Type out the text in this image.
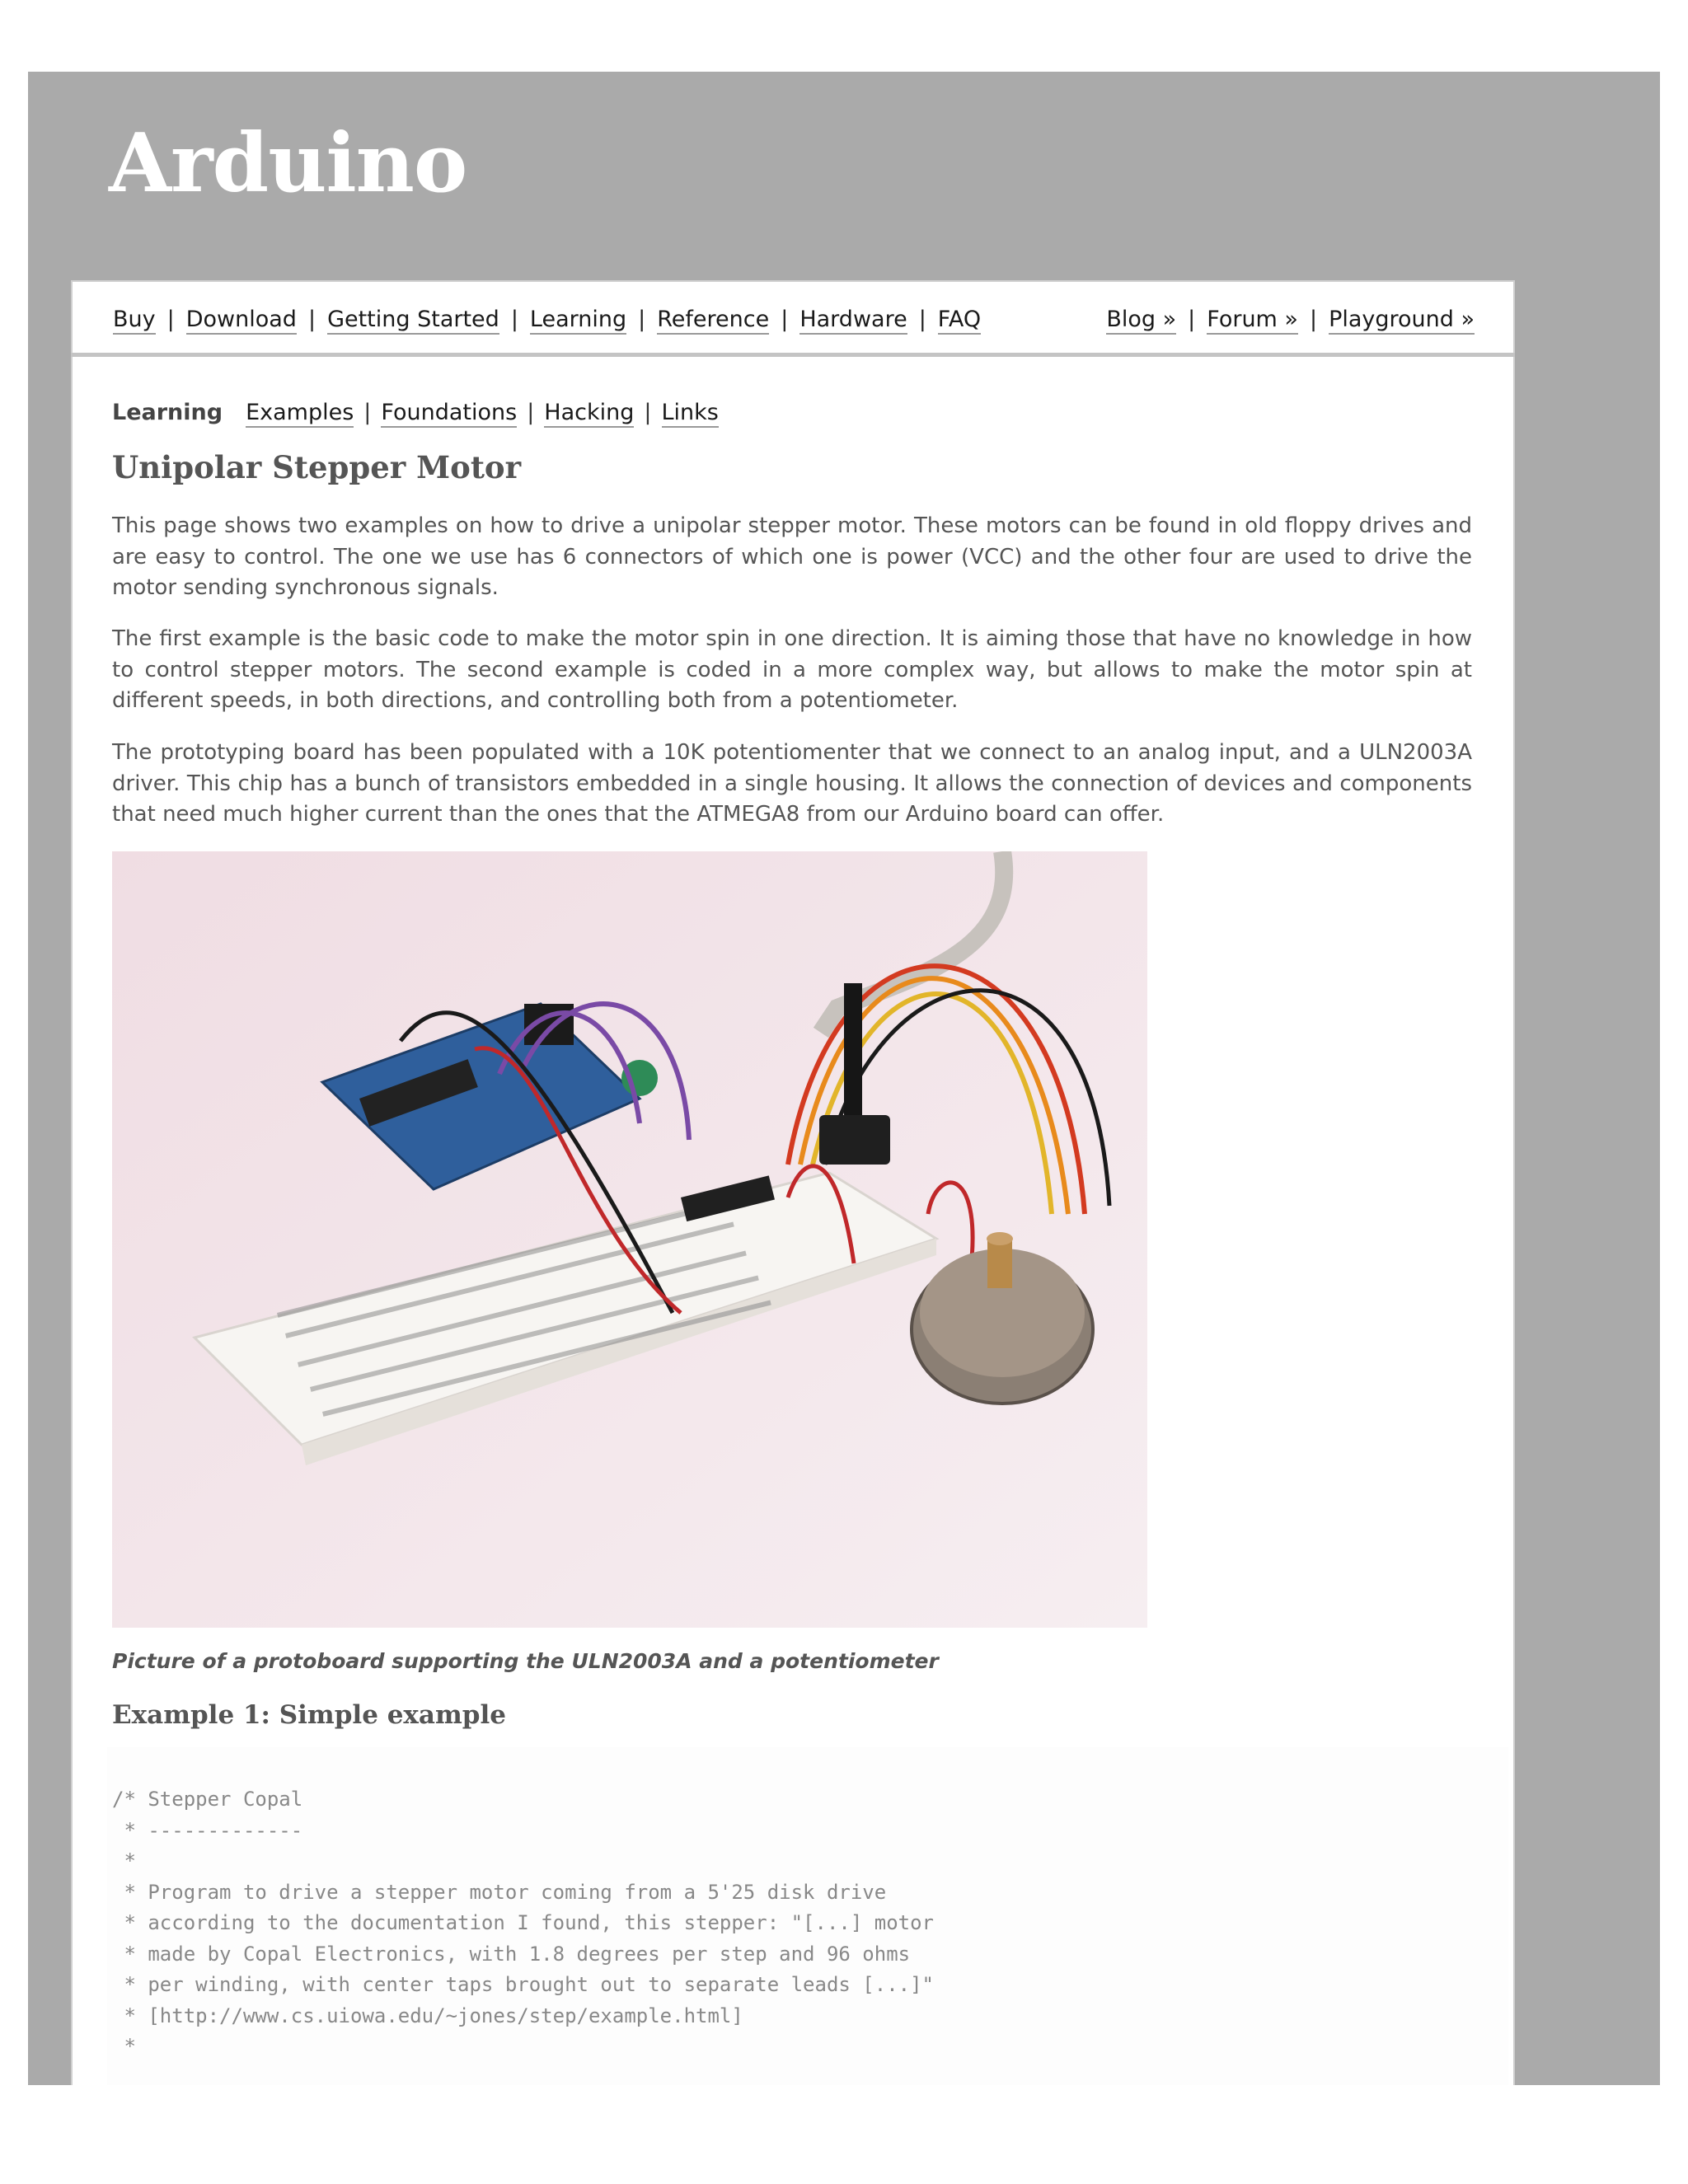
Arduino
Buy | Download | Getting Started | Learning | Reference | Hardware | FAQ	Blog » | Forum » | Playground »
Learning Examples | Foundations | Hacking | Links
Unipolar Stepper Motor

This page shows two examples on how to drive a unipolar stepper motor. These motors can be found in old floppy drives and are easy to control. The one we use has 6 connectors of which one is power (VCC) and the other four are used to drive the motor sending synchronous signals.

The first example is the basic code to make the motor spin in one direction. It is aiming those that have no knowledge in how to control stepper motors. The second example is coded in a more complex way, but allows to make the motor spin at different speeds, in both directions, and controlling both from a potentiometer.

The prototyping board has been populated with a 10K potentiomenter that we connect to an analog input, and a ULN2003A driver. This chip has a bunch of transistors embedded in a single housing. It allows the connection of devices and components that need much higher current than the ones that the ATMEGA8 from our Arduino board can offer.

Picture of a protoboard supporting the ULN2003A and a potentiometer
Example 1: Simple example
/* Stepper Copal
* -------------
*
* Program to drive a stepper motor coming from a 5'25 disk drive
* according to the documentation I found, this stepper: "[...] motor
* made by Copal Electronics, with 1.8 degrees per step and 96 ohms
* per winding, with center taps brought out to separate leads [...]"
* [http://www.cs.uiowa.edu/~jones/step/example.html]
*
